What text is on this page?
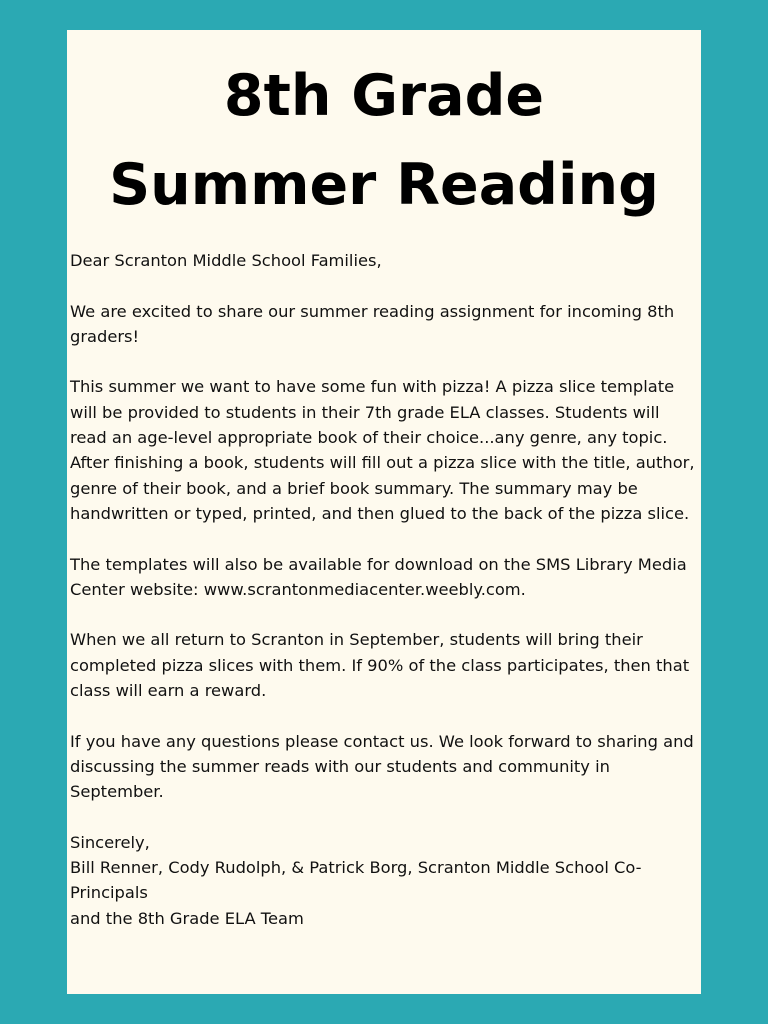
8th Grade
Summer Reading

Dear Scranton Middle School Families,

We are excited to share our summer reading assignment for incoming 8th graders!

This summer we want to have some fun with pizza! A pizza slice template will be provided to students in their 7th grade ELA classes. Students will read an age-level appropriate book of their choice...any genre, any topic. After finishing a book, students will fill out a pizza slice with the title, author, genre of their book, and a brief book summary. The summary may be handwritten or typed, printed, and then glued to the back of the pizza slice.

The templates will also be available for download on the SMS Library Media Center website: www.scrantonmediacenter.weebly.com.

When we all return to Scranton in September, students will bring their completed pizza slices with them. If 90% of the class participates, then that class will earn a reward.

If you have any questions please contact us. We look forward to sharing and discussing the summer reads with our students and community in September.

Sincerely,
Bill Renner, Cody Rudolph, & Patrick Borg, Scranton Middle School Co-Principals
and the 8th Grade ELA Team
